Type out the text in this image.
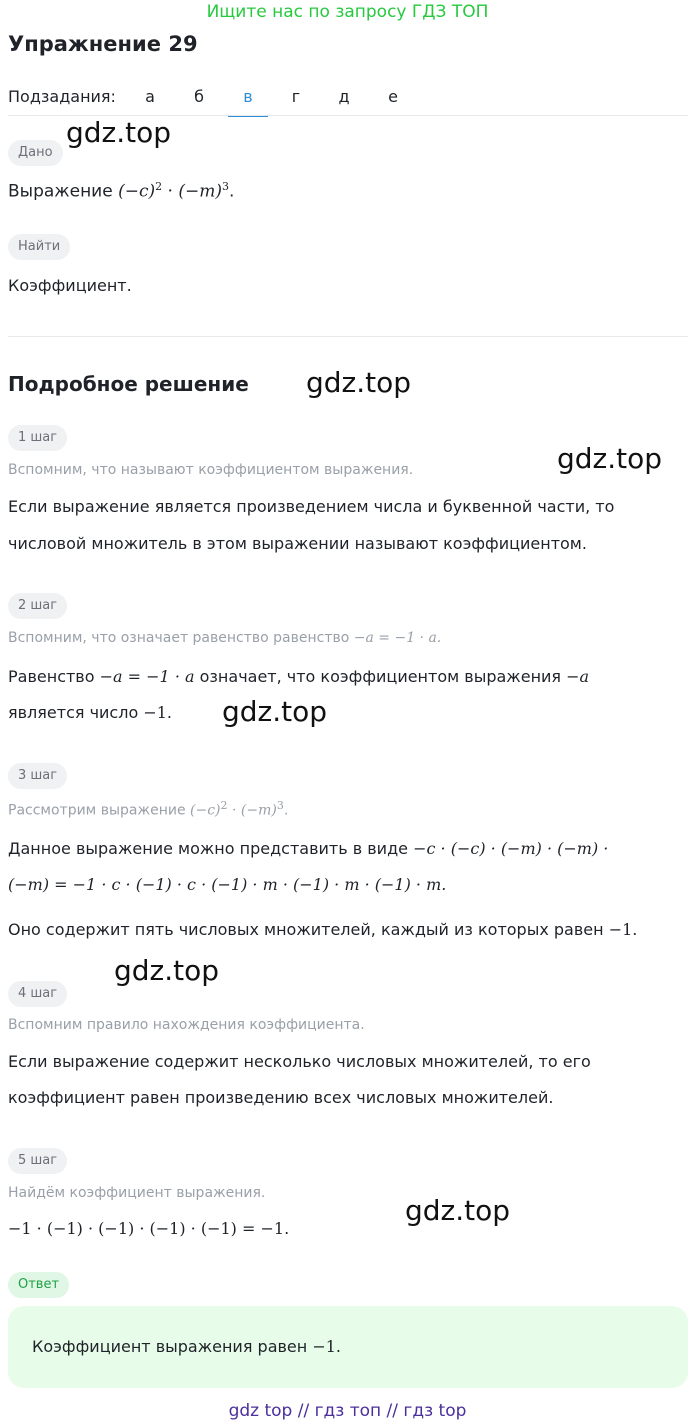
Ищите нас по запросу ГДЗ ТОП
Упражнение 29
Подзадания:	а	б	в	г	д	е
gdz.top
Дано
Выражение $(-c)^2 \cdot (-m)^3$.
Найти
Коэффициент.
Подробное решение gdz.top
1 шаг
gdz.top
Вспомним, что называют коэффициентом выражения.
Если выражение является произведением числа и буквенной части, то
числовой множитель в этом выражении называют коэффициентом.
2 шаг
Вспомним, что означает равенство равенство −a = −1 · a.
Равенство −a = −1 · a означает, что коэффициентом выражения −a
является число −1. gdz.top
3 шаг
Рассмотрим выражение $(-c)^2 \cdot (-m)^3$.
Данное выражение можно представить в виде −c · (−c) · (−m) · (−m) ·
(−m) = −1 · c · (−1) · c · (−1) · m · (−1) · m · (−1) · m.
Оно содержит пять числовых множителей, каждый из которых равен −1.
gdz.top
4 шаг
Вспомним правило нахождения коэффициента.
Если выражение содержит несколько числовых множителей, то его
коэффициент равен произведению всех числовых множителей.
5 шаг
Найдём коэффициент выражения.
−1 · (−1) · (−1) · (−1) · (−1) = −1.
gdz.top
Ответ
Коэффициент выражения равен −1.
gdz top // гдз топ // гдз top
